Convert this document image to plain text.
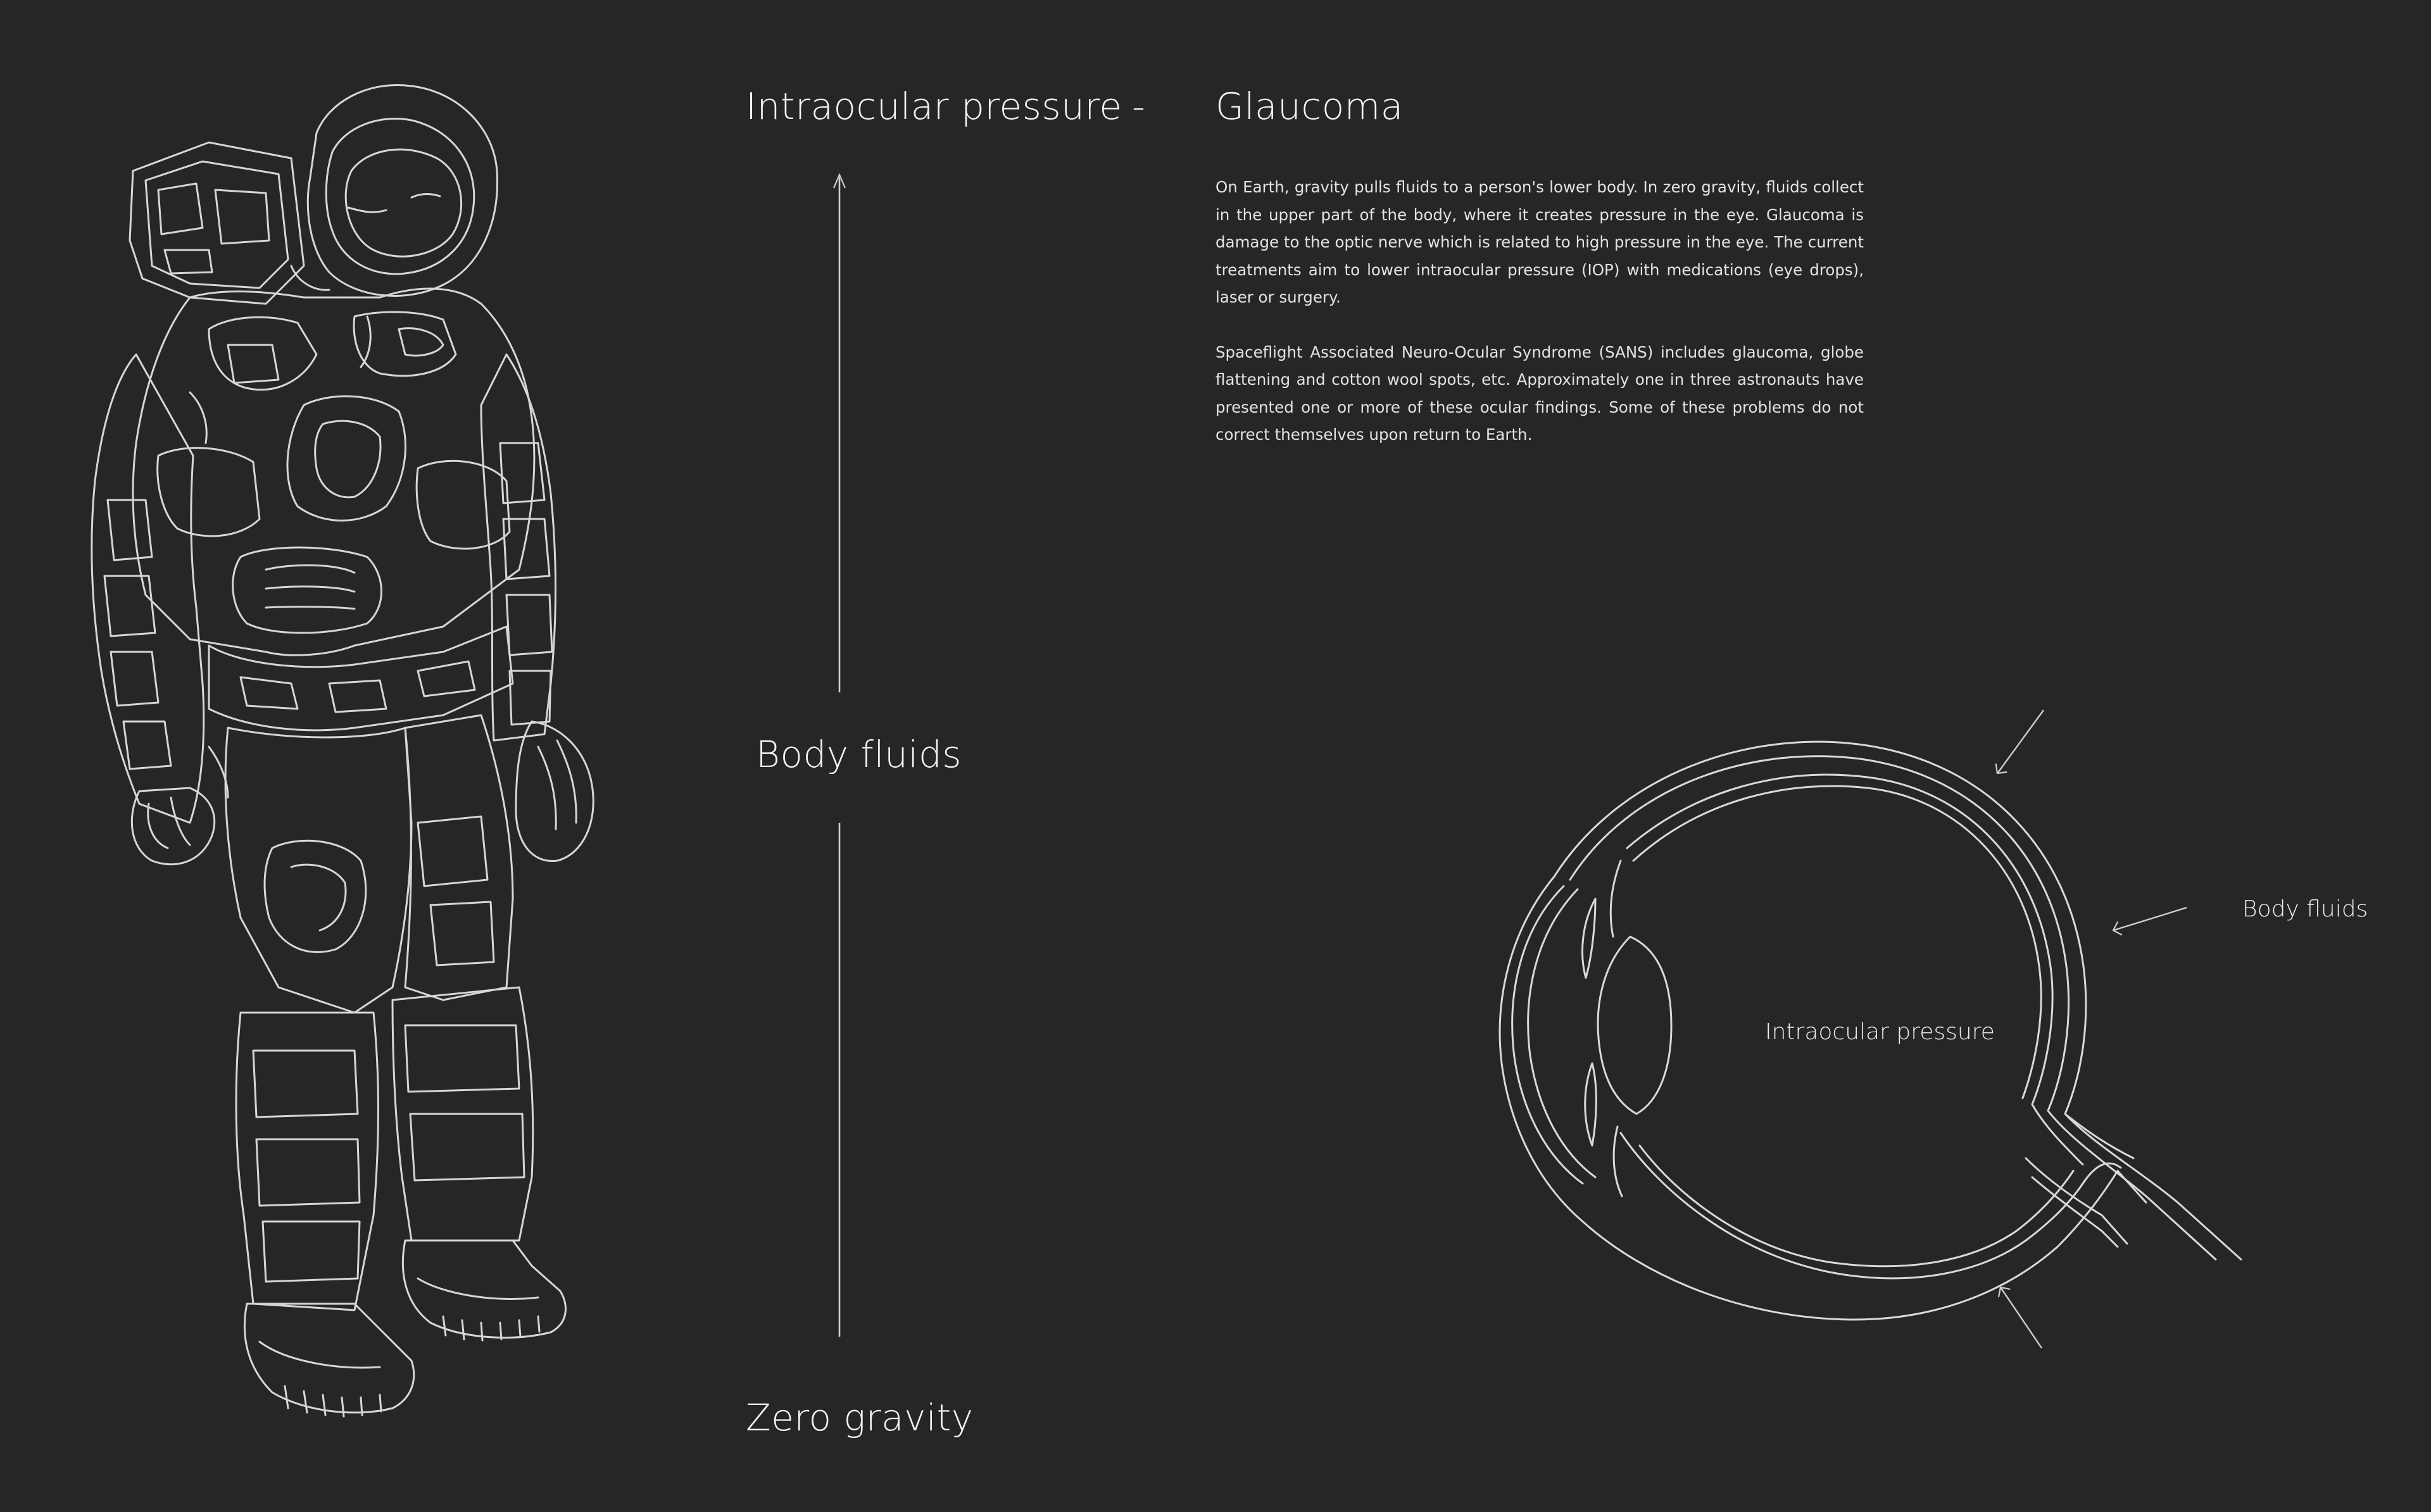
Intraocular pressure - Glaucoma
Body fluids
Zero gravity

On Earth, gravity pulls fluids to a person's lower body. In zero gravity, fluids collect in the upper part of the body, where it creates pressure in the eye. Glaucoma is damage to the optic nerve which is related to high pressure in the eye. The current treatments aim to lower intraocular pressure (IOP) with medications (eye drops), laser or surgery.

Spaceflight Associated Neuro-Ocular Syndrome (SANS) includes glaucoma, globe flattening and cotton wool spots, etc. Approximately one in three astronauts have presented one or more of these ocular findings. Some of these problems do not correct themselves upon return to Earth.

Intraocular pressure
Body fluids
